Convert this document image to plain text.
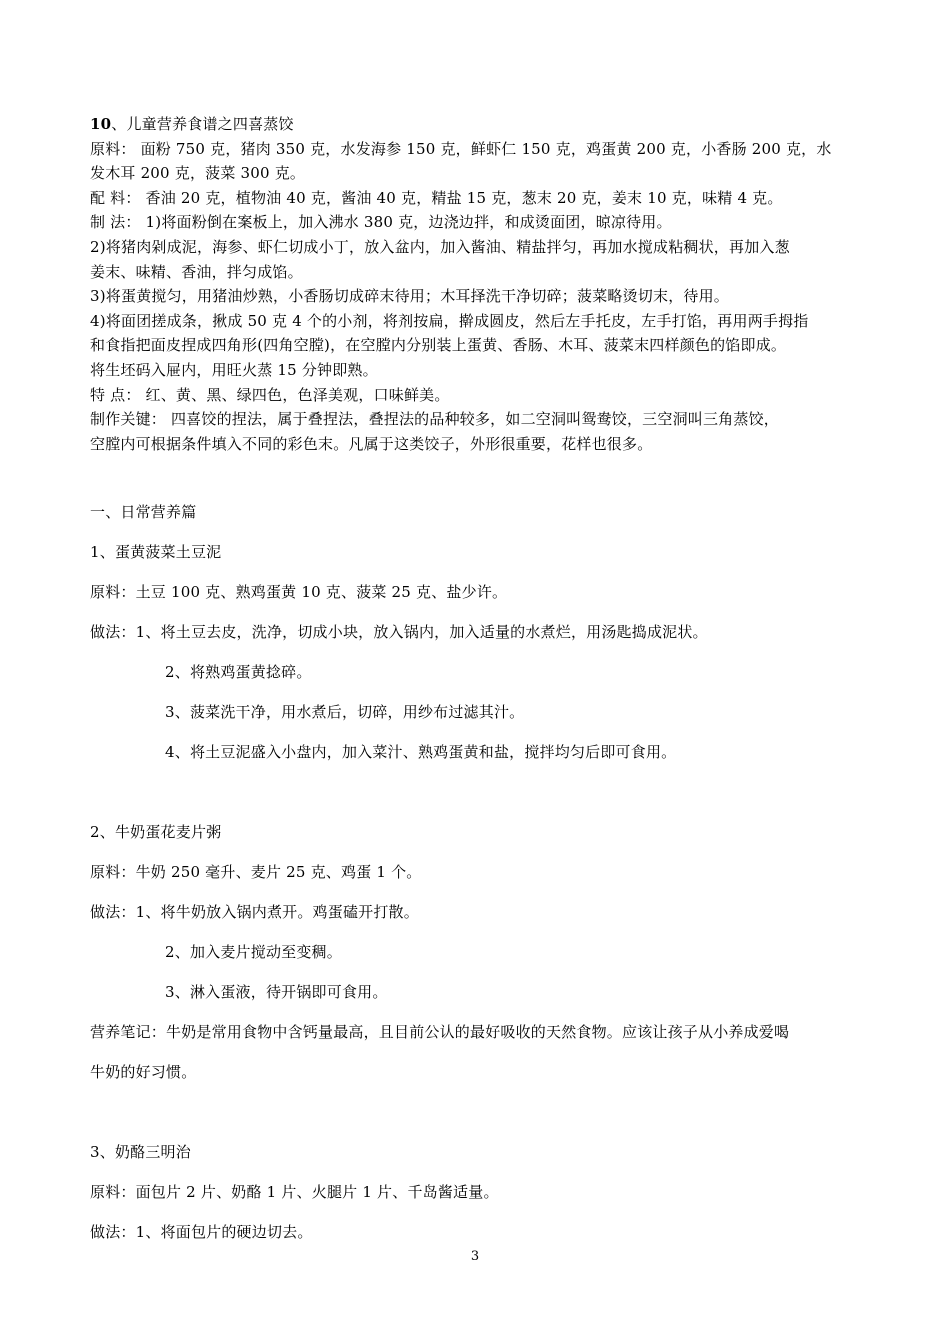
10、儿童营养食谱之四喜蒸饺

原料： 面粉 750 克，猪肉 350 克，水发海参 150 克，鲜虾仁 150 克，鸡蛋黄 200 克，小香肠 200 克，水

发木耳 200 克，菠菜 300 克。

配 料： 香油 20 克，植物油 40 克，酱油 40 克，精盐 15 克，葱末 20 克，姜末 10 克，味精 4 克。

制 法： 1)将面粉倒在案板上，加入沸水 380 克，边浇边拌，和成烫面团，晾凉待用。

2)将猪肉剁成泥，海参、虾仁切成小丁，放入盆内，加入酱油、精盐拌匀，再加水搅成粘稠状，再加入葱

姜末、味精、香油，拌匀成馅。

3)将蛋黄搅匀，用猪油炒熟，小香肠切成碎末待用；木耳择洗干净切碎；菠菜略烫切末，待用。

4)将面团搓成条，揪成 50 克 4 个的小剂，将剂按扁，擀成圆皮，然后左手托皮，左手打馅，再用两手拇指

和食指把面皮捏成四角形(四角空膛)，在空膛内分别装上蛋黄、香肠、木耳、菠菜末四样颜色的馅即成。

将生坯码入屉内，用旺火蒸 15 分钟即熟。

特 点： 红、黄、黑、绿四色，色泽美观，口味鲜美。

制作关键： 四喜饺的捏法，属于叠捏法，叠捏法的品种较多，如二空洞叫鸳鸯饺，三空洞叫三角蒸饺，

空膛内可根据条件填入不同的彩色末。凡属于这类饺子，外形很重要，花样也很多。

一、日常营养篇

1、蛋黄菠菜土豆泥

原料：土豆 100 克、熟鸡蛋黄 10 克、菠菜 25 克、盐少许。

做法：1、将土豆去皮，洗净，切成小块，放入锅内，加入适量的水煮烂，用汤匙捣成泥状。

2、将熟鸡蛋黄捻碎。

3、菠菜洗干净，用水煮后，切碎，用纱布过滤其汁。

4、将土豆泥盛入小盘内，加入菜汁、熟鸡蛋黄和盐，搅拌均匀后即可食用。

2、牛奶蛋花麦片粥

原料：牛奶 250 毫升、麦片 25 克、鸡蛋 1 个。

做法：1、将牛奶放入锅内煮开。鸡蛋磕开打散。

2、加入麦片搅动至变稠。

3、淋入蛋液，待开锅即可食用。

营养笔记：牛奶是常用食物中含钙量最高，且目前公认的最好吸收的天然食物。应该让孩子从小养成爱喝

牛奶的好习惯。

3、奶酪三明治

原料：面包片 2 片、奶酪 1 片、火腿片 1 片、千岛酱适量。

做法：1、将面包片的硬边切去。

3
